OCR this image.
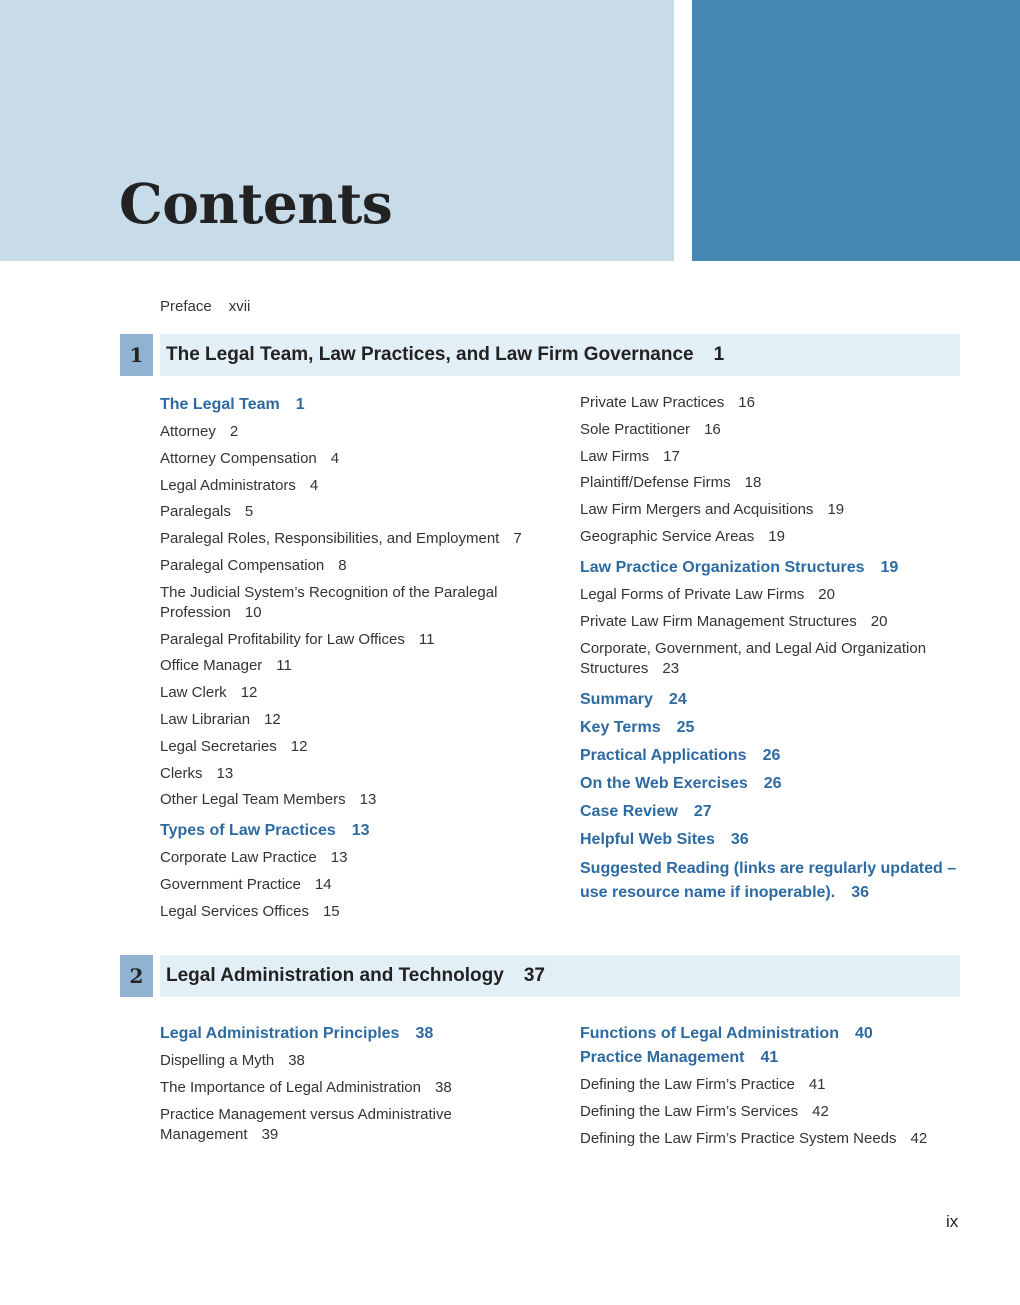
Contents
Preface xvii
1	The Legal Team, Law Practices, and Law Firm Governance 1
The Legal Team 1
Attorney 2
Attorney Compensation 4
Legal Administrators 4
Paralegals 5
Paralegal Roles, Responsibilities, and Employment 7
Paralegal Compensation 8
The Judicial System’s Recognition of the Paralegal Profession 10
Paralegal Profitability for Law Offices 11
Office Manager 11
Law Clerk 12
Law Librarian 12
Legal Secretaries 12
Clerks 13
Other Legal Team Members 13
Types of Law Practices 13
Corporate Law Practice 13
Government Practice 14
Legal Services Offices 15
Private Law Practices 16
Sole Practitioner 16
Law Firms 17
Plaintiff/Defense Firms 18
Law Firm Mergers and Acquisitions 19
Geographic Service Areas 19
Law Practice Organization Structures 19
Legal Forms of Private Law Firms 20
Private Law Firm Management Structures 20
Corporate, Government, and Legal Aid Organization Structures 23
Summary 24
Key Terms 25
Practical Applications 26
On the Web Exercises 26
Case Review 27
Helpful Web Sites 36
Suggested Reading (links are regularly updated – use resource name if inoperable). 36
2	Legal Administration and Technology 37
Legal Administration Principles 38
Dispelling a Myth 38
The Importance of Legal Administration 38
Practice Management versus Administrative Management 39
Functions of Legal Administration 40
Practice Management 41
Defining the Law Firm’s Practice 41
Defining the Law Firm’s Services 42
Defining the Law Firm’s Practice System Needs 42
ix
